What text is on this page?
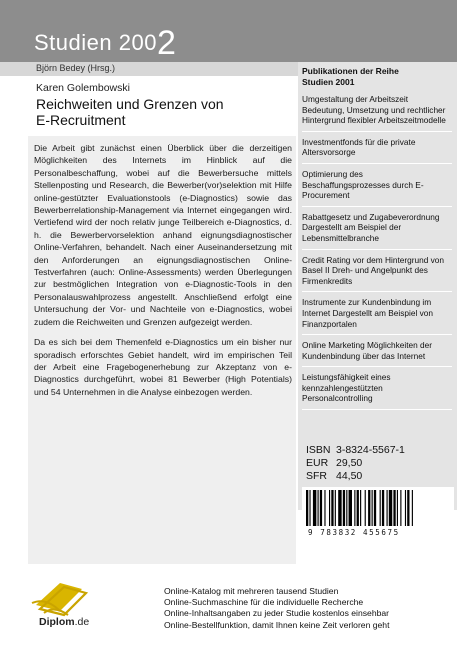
Studien 2002
Björn Bedey (Hrsg.)
Karen Golembowski
Reichweiten und Grenzen von
E-Recruitment

Die Arbeit gibt zunächst einen Überblick über die derzeitigen Möglichkeiten des Internets im Hinblick auf die Personalbeschaffung, wobei auf die Bewerbersuche mittels Stellenposting und Research, die Bewerber(vor)selektion mit Hilfe online-gestützter Evaluationstools (e-Diagnostics) sowie das Bewerberrelationship-Management via Internet eingegangen wird. Vertiefend wird der noch relativ junge Teilbereich e-Diagnostics, d. h. die Bewerbervorselektion anhand eignungsdiagnostischer Online-Verfahren, behandelt. Nach einer Auseinandersetzung mit den Anforderungen an eignungsdiagnostischen Online-Testverfahren (auch: Online-Assessments) werden Überlegungen zur bestmöglichen Integration von e-Diagnostic-Tools in den Personalauswahlprozess angestellt. Anschließend erfolgt eine Untersuchung der Vor- und Nachteile von e-Diagnostics, wobei zudem die Reichweiten und Grenzen aufgezeigt werden.

Da es sich bei dem Themenfeld e-Diagnostics um ein bisher nur sporadisch erforschtes Gebiet handelt, wird im empirischen Teil der Arbeit eine Fragebogenerhebung zur Akzeptanz von e-Diagnostics durchgeführt, wobei 81 Bewerber (High Potentials) und 54 Unternehmen in die Analyse einbezogen werden.

Publikationen der Reihe
Studien 2001
Umgestaltung der Arbeitszeit Bedeutung, Umsetzung und rechtlicher Hintergrund flexibler Arbeitszeitmodelle
Investmentfonds für die private Altersvorsorge
Optimierung des Beschaffungsprozesses durch E-Procurement
Rabattgesetz und Zugabeverordnung Dargestellt am Beispiel der Lebensmittelbranche
Credit Rating vor dem Hintergrund von Basel II Dreh- und Angelpunkt des Firmenkredits
Instrumente zur Kundenbindung im Internet Dargestellt am Beispiel von Finanzportalen
Online Marketing Möglichkeiten der Kundenbindung über das Internet
Leistungsfähigkeit eines kennzahlengestützten Personalcontrolling
ISBN 3-8324-5567-1
EUR 29,50
SFR 44,50
9 783832 455675
Diplom.de
Online-Katalog mit mehreren tausend Studien
Online-Suchmaschine für die individuelle Recherche
Online-Inhaltsangaben zu jeder Studie kostenlos einsehbar
Online-Bestellfunktion, damit Ihnen keine Zeit verloren geht
